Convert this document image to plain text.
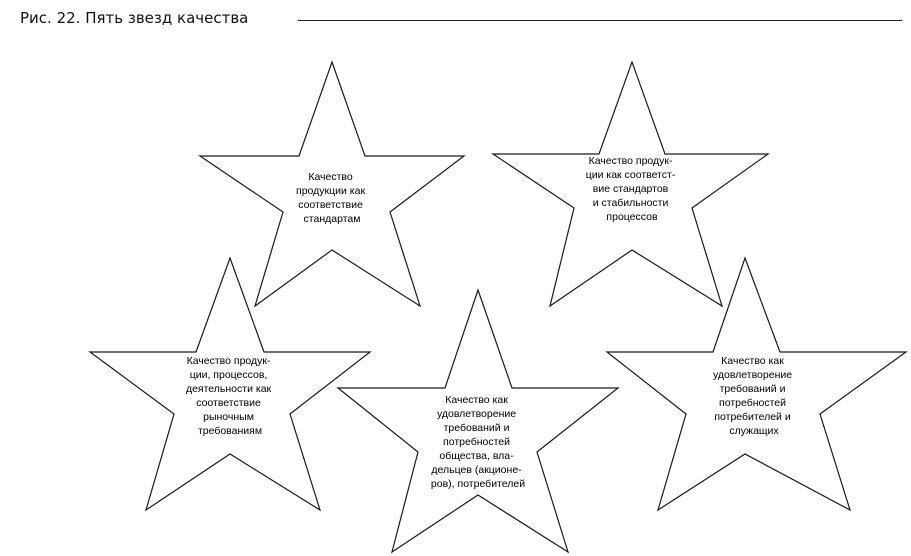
Рис. 22. Пять звезд качества
Качество продукции как соответствие стандартам
Качество продук- ции как соответст- вие стандартов и стабильности процессов
Качество продук- ции, процессов, деятельности как соответствие рыночным требованиям
Качество как удовлетворение требований и потребностей общества, вла- дельцев (акционе- ров), потребителей
Качество как удовлетворение требований и потребностей потребителей и служащих
